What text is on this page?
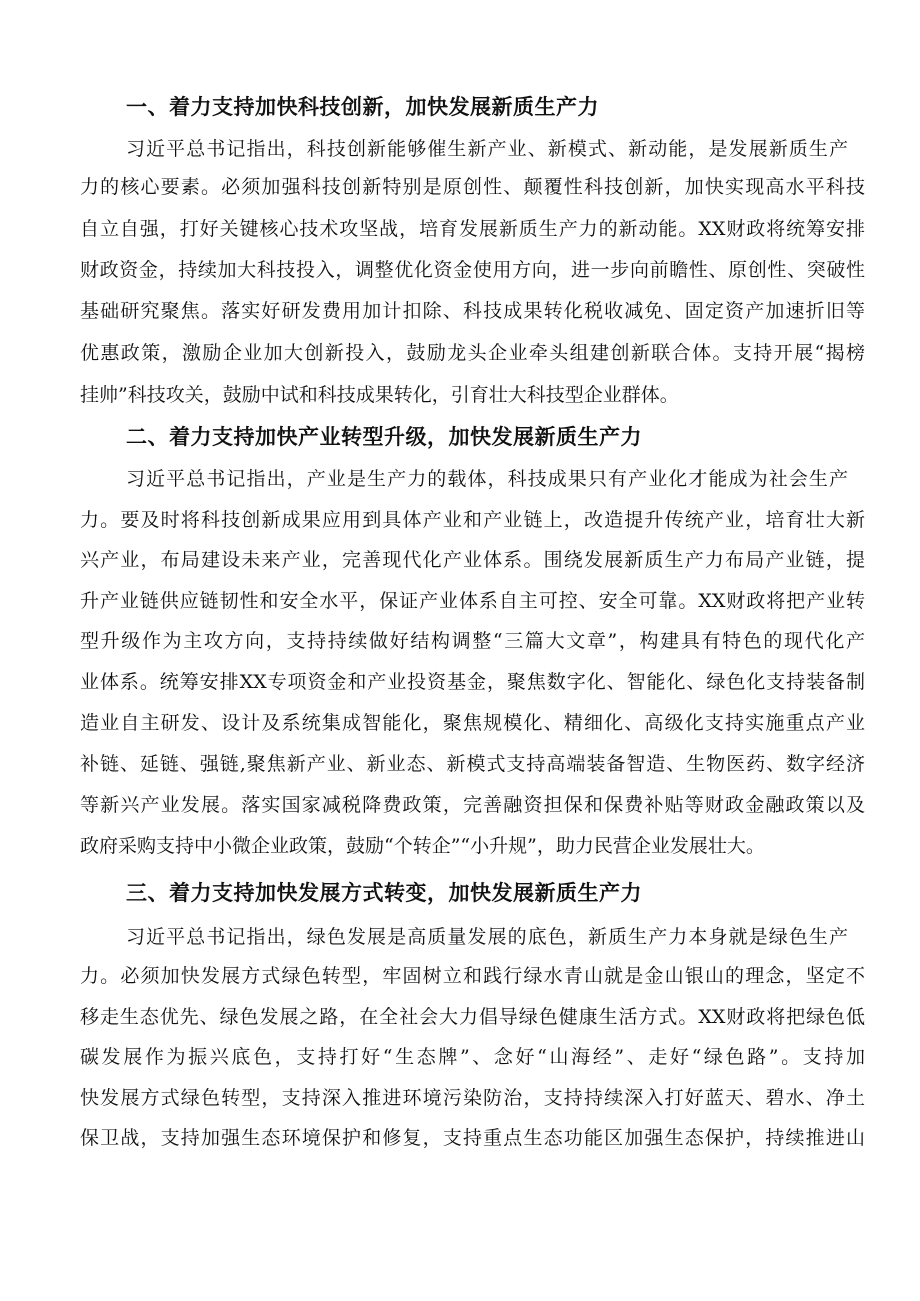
一、着力支持加快科技创新，加快发展新质生产力
习近平总书记指出，科技创新能够催生新产业、新模式、新动能，是发展新质生产
力的核心要素。必须加强科技创新特别是原创性、颠覆性科技创新，加快实现高水平科技
自立自强，打好关键核心技术攻坚战，培育发展新质生产力的新动能。XX财政将统筹安排
财政资金，持续加大科技投入，调整优化资金使用方向，进一步向前瞻性、原创性、突破性
基础研究聚焦。落实好研发费用加计扣除、科技成果转化税收减免、固定资产加速折旧等
优惠政策，激励企业加大创新投入，鼓励龙头企业牵头组建创新联合体。支持开展“揭榜
挂帅”科技攻关，鼓励中试和科技成果转化，引育壮大科技型企业群体。
二、着力支持加快产业转型升级，加快发展新质生产力
习近平总书记指出，产业是生产力的载体，科技成果只有产业化才能成为社会生产
力。要及时将科技创新成果应用到具体产业和产业链上，改造提升传统产业，培育壮大新
兴产业，布局建设未来产业，完善现代化产业体系。围绕发展新质生产力布局产业链，提
升产业链供应链韧性和安全水平，保证产业体系自主可控、安全可靠。XX财政将把产业转
型升级作为主攻方向，支持持续做好结构调整“三篇大文章”，构建具有特色的现代化产
业体系。统筹安排XX专项资金和产业投资基金，聚焦数字化、智能化、绿色化支持装备制
造业自主研发、设计及系统集成智能化，聚焦规模化、精细化、高级化支持实施重点产业
补链、延链、强链,聚焦新产业、新业态、新模式支持高端装备智造、生物医药、数字经济
等新兴产业发展。落实国家减税降费政策，完善融资担保和保费补贴等财政金融政策以及
政府采购支持中小微企业政策，鼓励“个转企”“小升规”，助力民营企业发展壮大。
三、着力支持加快发展方式转变，加快发展新质生产力
习近平总书记指出，绿色发展是高质量发展的底色，新质生产力本身就是绿色生产
力。必须加快发展方式绿色转型，牢固树立和践行绿水青山就是金山银山的理念，坚定不
移走生态优先、绿色发展之路，在全社会大力倡导绿色健康生活方式。XX财政将把绿色低
碳发展作为振兴底色，支持打好“生态牌”、念好“山海经”、走好“绿色路”。支持加
快发展方式绿色转型，支持深入推进环境污染防治，支持持续深入打好蓝天、碧水、净土
保卫战，支持加强生态环境保护和修复，支持重点生态功能区加强生态保护，持续推进山
